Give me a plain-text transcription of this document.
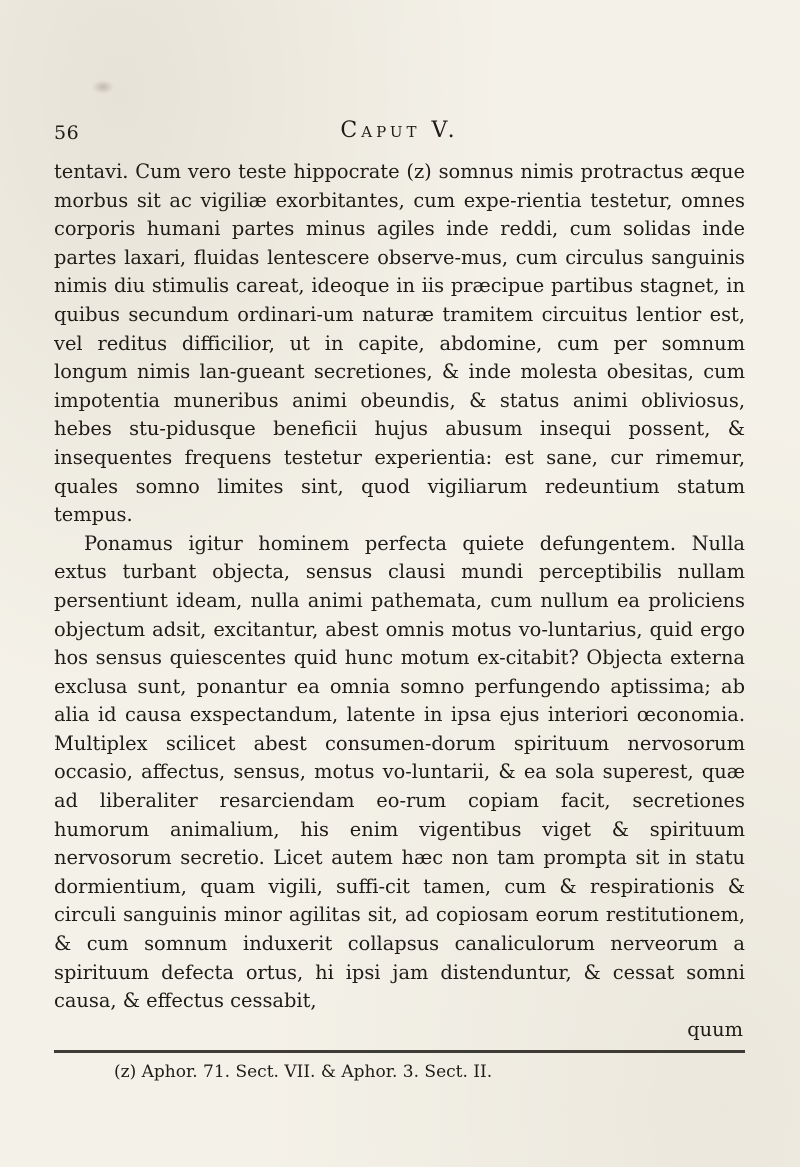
56	Caput V.

tentavi. Cum vero teste hippocrate (z) somnus nimis protractus æque morbus sit ac vigiliæ exorbitantes, cum expe-rientia testetur, omnes corporis humani partes minus agiles inde reddi, cum solidas inde partes laxari, fluidas lentescere observe-mus, cum circulus sanguinis nimis diu stimulis careat, ideoque in iis præcipue partibus stagnet, in quibus secundum ordinari-um naturæ tramitem circuitus lentior est, vel reditus difficilior, ut in capite, abdomine, cum per somnum longum nimis lan-gueant secretiones, & inde molesta obesitas, cum impotentia muneribus animi obeundis, & status animi obliviosus, hebes stu-pidusque beneficii hujus abusum insequi possent, & insequentes frequens testetur experientia: est sane, cur rimemur, quales somno limites sint, quod vigiliarum redeuntium statum tempus.

Ponamus igitur hominem perfecta quiete defungentem. Nulla extus turbant objecta, sensus clausi mundi perceptibilis nullam persentiunt ideam, nulla animi pathemata, cum nullum ea proliciens objectum adsit, excitantur, abest omnis motus vo-luntarius, quid ergo hos sensus quiescentes quid hunc motum ex-citabit? Objecta externa exclusa sunt, ponantur ea omnia somno perfungendo aptissima; ab alia id causa exspectandum, latente in ipsa ejus interiori œconomia. Multiplex scilicet abest consumen-dorum spirituum nervosorum occasio, affectus, sensus, motus vo-luntarii, & ea sola superest, quæ ad liberaliter resarciendam eo-rum copiam facit, secretiones humorum animalium, his enim vigentibus viget & spirituum nervosorum secretio. Licet autem hæc non tam prompta sit in statu dormientium, quam vigili, suffi-cit tamen, cum & respirationis & circuli sanguinis minor agilitas sit, ad copiosam eorum restitutionem, & cum somnum induxerit collapsus canaliculorum nerveorum a spirituum defecta ortus, hi ipsi jam distenduntur, & cessat somni causa, & effectus cessabit,

quum
(z) Aphor. 71. Sect. VII. & Aphor. 3. Sect. II.
